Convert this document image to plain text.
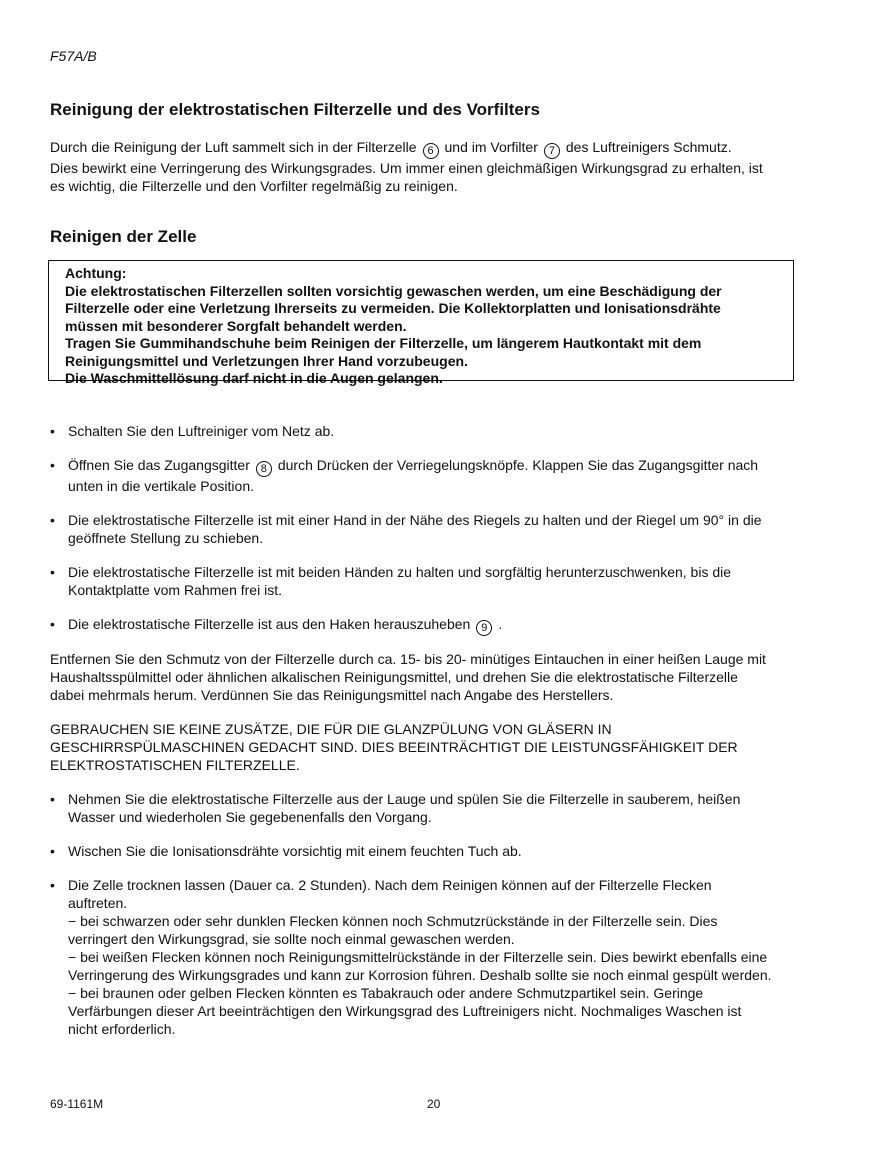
F57A/B
Reinigung der elektrostatischen Filterzelle und des Vorfilters
Durch die Reinigung der Luft sammelt sich in der Filterzelle 6 und im Vorfilter 7 des Luftreinigers Schmutz.
Dies bewirkt eine Verringerung des Wirkungsgrades. Um immer einen gleichmäßigen Wirkungsgrad zu erhalten, ist
es wichtig, die Filterzelle und den Vorfilter regelmäßig zu reinigen.
Reinigen der Zelle
Achtung:
Die elektrostatischen Filterzellen sollten vorsichtig gewaschen werden, um eine Beschädigung der
Filterzelle oder eine Verletzung Ihrerseits zu vermeiden. Die Kollektorplatten und Ionisationsdrähte
müssen mit besonderer Sorgfalt behandelt werden.
Tragen Sie Gummihandschuhe beim Reinigen der Filterzelle, um längerem Hautkontakt mit dem
Reinigungsmittel und Verletzungen Ihrer Hand vorzubeugen.
Die Waschmittellösung darf nicht in die Augen gelangen.
• Schalten Sie den Luftreiniger vom Netz ab.
• Öffnen Sie das Zugangsgitter 8 durch Drücken der Verriegelungsknöpfe. Klappen Sie das Zugangsgitter nach
unten in die vertikale Position.
• Die elektrostatische Filterzelle ist mit einer Hand in der Nähe des Riegels zu halten und der Riegel um 90° in die
geöffnete Stellung zu schieben.
• Die elektrostatische Filterzelle ist mit beiden Händen zu halten und sorgfältig herunterzuschwenken, bis die
Kontaktplatte vom Rahmen frei ist.
• Die elektrostatische Filterzelle ist aus den Haken herauszuheben 9 .
Entfernen Sie den Schmutz von der Filterzelle durch ca. 15- bis 20- minütiges Eintauchen in einer heißen Lauge mit
Haushaltsspülmittel oder ähnlichen alkalischen Reinigungsmittel, und drehen Sie die elektrostatische Filterzelle
dabei mehrmals herum. Verdünnen Sie das Reinigungsmittel nach Angabe des Herstellers.
GEBRAUCHEN SIE KEINE ZUSÄTZE, DIE FÜR DIE GLANZPÜLUNG VON GLÄSERN IN
GESCHIRRSPÜLMASCHINEN GEDACHT SIND. DIES BEEINTRÄCHTIGT DIE LEISTUNGSFÄHIGKEIT DER
ELEKTROSTATISCHEN FILTERZELLE.
• Nehmen Sie die elektrostatische Filterzelle aus der Lauge und spülen Sie die Filterzelle in sauberem, heißen
Wasser und wiederholen Sie gegebenenfalls den Vorgang.
• Wischen Sie die Ionisationsdrähte vorsichtig mit einem feuchten Tuch ab.
• Die Zelle trocknen lassen (Dauer ca. 2 Stunden). Nach dem Reinigen können auf der Filterzelle Flecken
auftreten.
− bei schwarzen oder sehr dunklen Flecken können noch Schmutzrückstände in der Filterzelle sein. Dies
verringert den Wirkungsgrad, sie sollte noch einmal gewaschen werden.
− bei weißen Flecken können noch Reinigungsmittelrückstände in der Filterzelle sein. Dies bewirkt ebenfalls eine
Verringerung des Wirkungsgrades und kann zur Korrosion führen. Deshalb sollte sie noch einmal gespült werden.
− bei braunen oder gelben Flecken könnten es Tabakrauch oder andere Schmutzpartikel sein. Geringe
Verfärbungen dieser Art beeinträchtigen den Wirkungsgrad des Luftreinigers nicht. Nochmaliges Waschen ist
nicht erforderlich.
69-1161M	20
